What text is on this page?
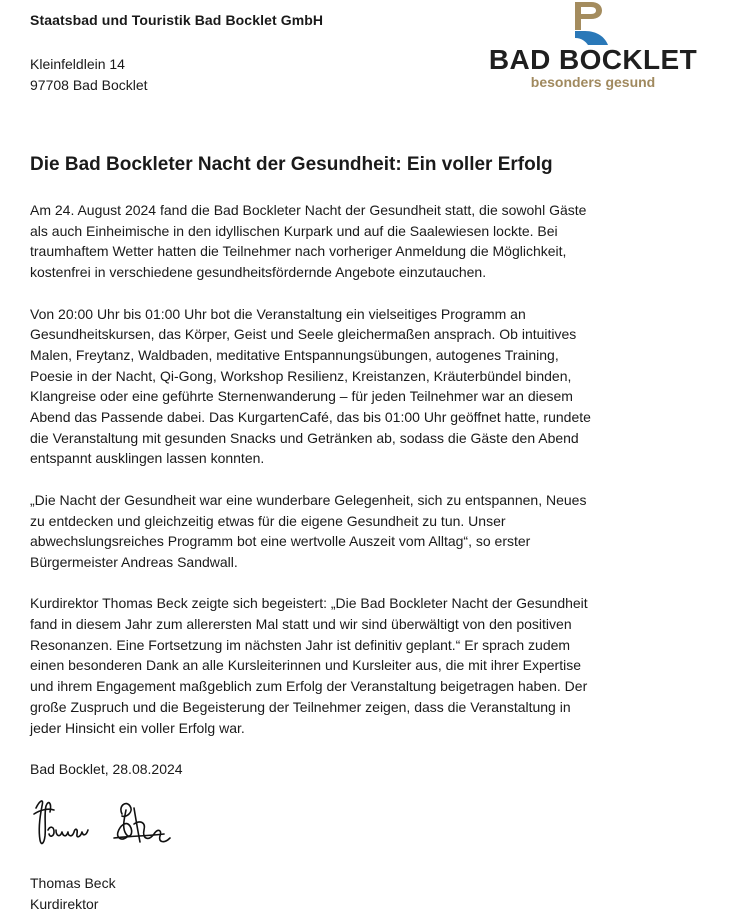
Staatsbad und Touristik Bad Bocklet GmbH
Kleinfeldlein 14
97708 Bad Bocklet
BAD BOCKLET
besonders gesund
Die Bad Bockleter Nacht der Gesundheit: Ein voller Erfolg
Am 24. August 2024 fand die Bad Bockleter Nacht der Gesundheit statt, die sowohl Gäste
als auch Einheimische in den idyllischen Kurpark und auf die Saalewiesen lockte. Bei
traumhaftem Wetter hatten die Teilnehmer nach vorheriger Anmeldung die Möglichkeit,
kostenfrei in verschiedene gesundheitsfördernde Angebote einzutauchen.
Von 20:00 Uhr bis 01:00 Uhr bot die Veranstaltung ein vielseitiges Programm an
Gesundheitskursen, das Körper, Geist und Seele gleichermaßen ansprach. Ob intuitives
Malen, Freytanz, Waldbaden, meditative Entspannungsübungen, autogenes Training,
Poesie in der Nacht, Qi-Gong, Workshop Resilienz, Kreistanzen, Kräuterbündel binden,
Klangreise oder eine geführte Sternenwanderung – für jeden Teilnehmer war an diesem
Abend das Passende dabei. Das KurgartenCafé, das bis 01:00 Uhr geöffnet hatte, rundete
die Veranstaltung mit gesunden Snacks und Getränken ab, sodass die Gäste den Abend
entspannt ausklingen lassen konnten.
„Die Nacht der Gesundheit war eine wunderbare Gelegenheit, sich zu entspannen, Neues
zu entdecken und gleichzeitig etwas für die eigene Gesundheit zu tun. Unser
abwechslungsreiches Programm bot eine wertvolle Auszeit vom Alltag“, so erster
Bürgermeister Andreas Sandwall.
Kurdirektor Thomas Beck zeigte sich begeistert: „Die Bad Bockleter Nacht der Gesundheit
fand in diesem Jahr zum allerersten Mal statt und wir sind überwältigt von den positiven
Resonanzen. Eine Fortsetzung im nächsten Jahr ist definitiv geplant.“ Er sprach zudem
einen besonderen Dank an alle Kursleiterinnen und Kursleiter aus, die mit ihrer Expertise
und ihrem Engagement maßgeblich zum Erfolg der Veranstaltung beigetragen haben. Der
große Zuspruch und die Begeisterung der Teilnehmer zeigen, dass die Veranstaltung in
jeder Hinsicht ein voller Erfolg war.
Bad Bocklet, 28.08.2024
Thomas Beck
Kurdirektor
